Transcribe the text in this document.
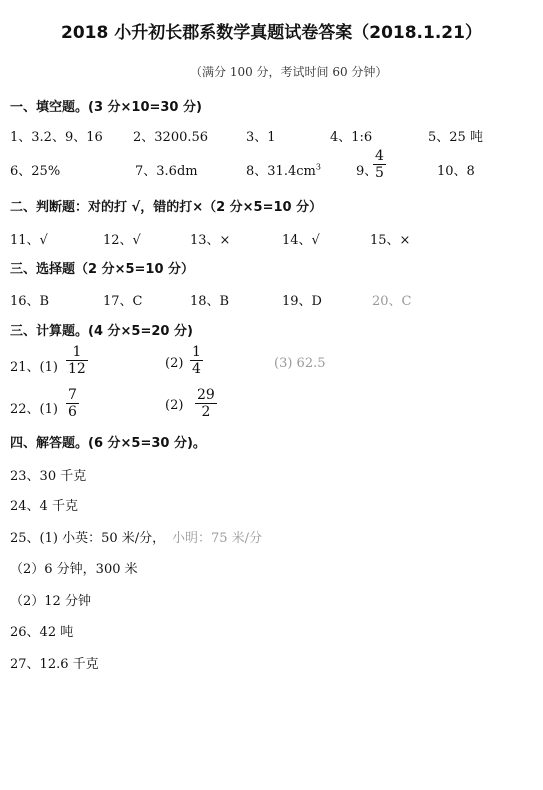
2018 小升初长郡系数学真题试卷答案（2018.1.21）
（满分 100 分，考试时间 60 分钟）
一、填空题。(3 分×10=30 分)
1、3.2、9、16 2、3200.56	3、1	4、1:6	5、25 吨
6、25%	7、3.6dm	8、$31.4cm^3$	9、
$\frac{4}{5}$	10、8
二、判断题：对的打 √，错的打×（2 分×5=10 分）
11、√	12、√	13、×	14、√	15、×
三、选择题（2 分×5=10 分）
16、B	17、C	18、B	19、D	20、C
三、计算题。(4 分×5=20 分)
21、$(1) \frac{1}{12}$	$(2) \frac{1}{4}$	(3) 62.5
22、$(1) \frac{7}{6}$	$(2) \frac{29}{2}$
四、解答题。(6 分×5=30 分)。
23、30 千克
24、4 千克
25、(1) 小英：50 米/分， 小明：75 米/分
（2）6 分钟，300 米
（2）12 分钟
26、42 吨
27、12.6 千克
